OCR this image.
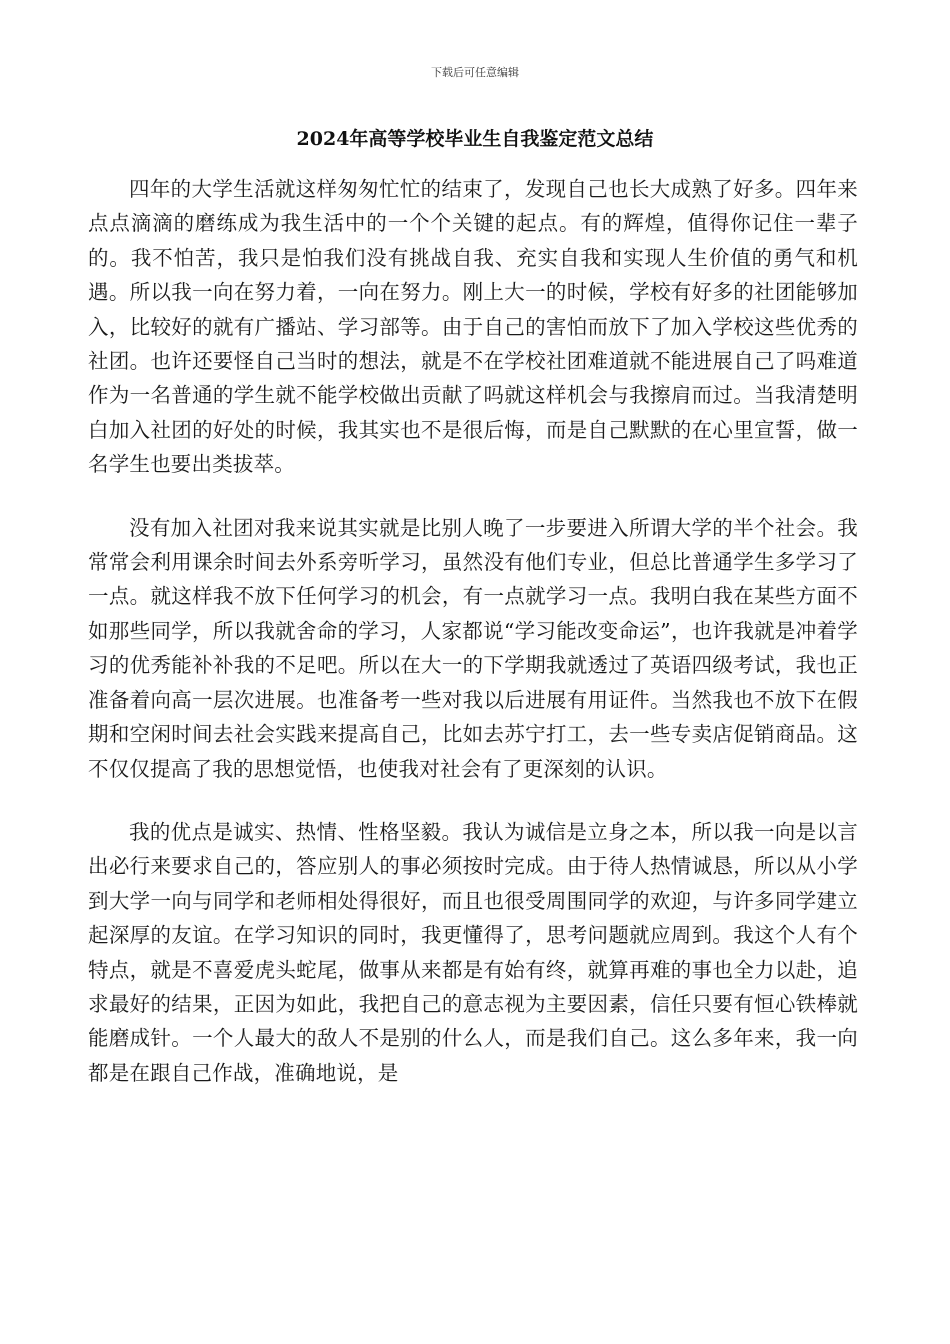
下载后可任意编辑
2024年高等学校毕业生自我鉴定范文总结

四年的大学生活就这样匆匆忙忙的结束了，发现自己也长大成熟了好多。四年来点点滴滴的磨练成为我生活中的一个个关键的起点。有的辉煌，值得你记住一辈子的。我不怕苦，我只是怕我们没有挑战自我、充实自我和实现人生价值的勇气和机遇。所以我一向在努力着，一向在努力。刚上大一的时候，学校有好多的社团能够加入，比较好的就有广播站、学习部等。由于自己的害怕而放下了加入学校这些优秀的社团。也许还要怪自己当时的想法，就是不在学校社团难道就不能进展自己了吗难道作为一名普通的学生就不能学校做出贡献了吗就这样机会与我擦肩而过。当我清楚明白加入社团的好处的时候，我其实也不是很后悔，而是自己默默的在心里宣誓，做一名学生也要出类拔萃。

没有加入社团对我来说其实就是比别人晚了一步要进入所谓大学的半个社会。我常常会利用课余时间去外系旁听学习，虽然没有他们专业，但总比普通学生多学习了一点。就这样我不放下任何学习的机会，有一点就学习一点。我明白我在某些方面不如那些同学，所以我就舍命的学习，人家都说“学习能改变命运”，也许我就是冲着学习的优秀能补补我的不足吧。所以在大一的下学期我就透过了英语四级考试，我也正准备着向高一层次进展。也准备考一些对我以后进展有用证件。当然我也不放下在假期和空闲时间去社会实践来提高自己，比如去苏宁打工，去一些专卖店促销商品。这不仅仅提高了我的思想觉悟，也使我对社会有了更深刻的认识。

我的优点是诚实、热情、性格坚毅。我认为诚信是立身之本，所以我一向是以言出必行来要求自己的，答应别人的事必须按时完成。由于待人热情诚恳，所以从小学到大学一向与同学和老师相处得很好，而且也很受周围同学的欢迎，与许多同学建立起深厚的友谊。在学习知识的同时，我更懂得了，思考问题就应周到。我这个人有个特点，就是不喜爱虎头蛇尾，做事从来都是有始有终，就算再难的事也全力以赴，追求最好的结果，正因为如此，我把自己的意志视为主要因素，信任只要有恒心铁棒就能磨成针。一个人最大的敌人不是别的什么人，而是我们自己。这么多年来，我一向都是在跟自己作战，准确地说，是
